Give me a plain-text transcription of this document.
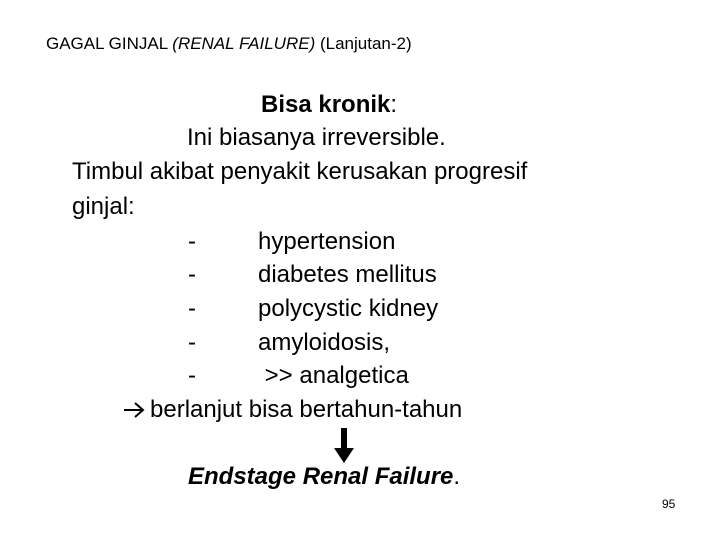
GAGAL GINJAL (RENAL FAILURE) (Lanjutan-2)
Bisa kronik:
Ini biasanya irreversible.
Timbul akibat penyakit kerusakan progresif
ginjal:
-	hypertension
-	diabetes mellitus
-	polycystic kidney
-	amyloidosis,
-	>> analgetica
berlanjut bisa bertahun-tahun
Endstage Renal Failure.
95
